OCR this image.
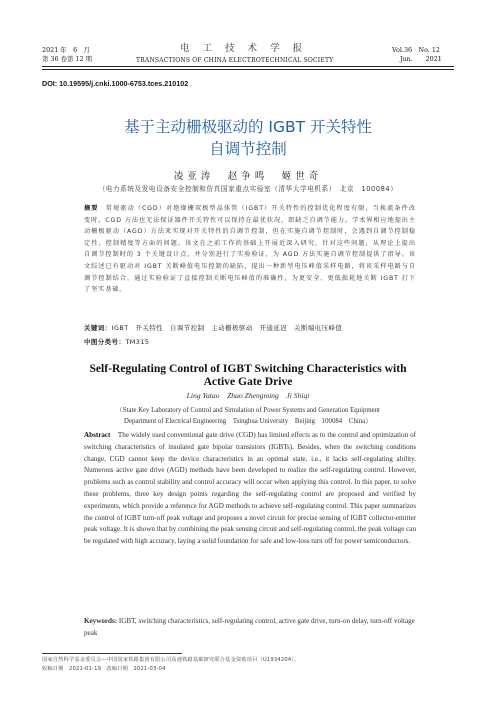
2021 年　6　月
第 36 卷第 12 期
电 工 技 术 学 报
TRANSACTIONS OF CHINA ELECTROTECHNICAL SOCIETY
Vol.36　No. 12
Jun.　　2021
DOI: 10.19595/j.cnki.1000-6753.tces.210102
基于主动栅极驱动的 IGBT 开关特性
自调节控制
凌亚涛　赵争鸣　姬世奇
（电力系统及发电设备安全控制和仿真国家重点实验室（清华大学电机系）　北京　100084）
摘要　常规驱动（CGD）对绝缘栅双极型晶体管（IGBT）开关特性的控制优化程度有限，当换流条件改变时，CGD 方法也无法保证器件开关特性可以保持在最优状况，即缺乏自调节能力。学术界相应地提出主动栅极驱动（AGD）方法来实现对开关特性的自调节控制，但在实施自调节控制时，会遇到自调节控制稳定性、控制精度等方面的问题。该文在之前工作的基础上开展近深入研究，针对这些问题，从理论上提出自调节控制时的 3 个关键设计点，并分别进行了实验验证，为 AGD 方法实施自调节控制提供了指导。该文综述已有驱动对 IGBT 关断峰值电压控制的缺陷，提出一种新型电压峰值采样电路，将该采样电路与自调节控制结合，通过实验验证了直接控制关断电压峰值的准确性，为更安全、更低损耗地关断 IGBT 打下了坚实基础。
关键词：IGBT　开关特性　自调节控制　主动栅极驱动　开通延迟　关断端电压峰值
中图分类号：TM315
Self-Regulating Control of IGBT Switching Characteristics with
Active Gate Drive
Ling Yatao　Zhao Zhengming　Ji Shiqi
（State Key Laboratory of Control and Simulation of Power Systems and Generation Equipment
Department of Electrical Engineering　Tsinghua University　Beijing　100084　China）
Abstract　The widely used conventional gate drive (CGD) has limited effects as to the control and optimization of switching characteristics of insulated gate bipolar transistors (IGBTs). Besides, when the switching conditions change, CGD cannot keep the device characteristics in an optimal state, i.e., it lacks self-regulating ability. Numerous active gate drive (AGD) methods have been developed to realize the self-regulating control. However, problems such as control stability and control accuracy will occur when applying this control. In this paper, to solve these problems, three key design points regarding the self-regulating control are proposed and verified by experiments, which provide a reference for AGD methods to achieve self-regulating control. This paper summarizes the control of IGBT turn-off peak voltage and proposes a novel circuit for precise sensing of IGBT collector-emitter peak voltage. It is shown that by combining the peak sensing circuit and self-regulating control, the peak voltage can be regulated with high accuracy, laying a solid foundation for safe and low-loss turn off for power semiconductors.
Keywords: IGBT, switching characteristics, self-regulating control, active gate drive, turn-on delay, turn-off voltage peak
国家自然科学基金委员会—中国国家铁路集团有限公司高速铁路基础研究联合基金资助项目（U1934204）。
收稿日期　2021-01-19　改稿日期　2021-03-04
